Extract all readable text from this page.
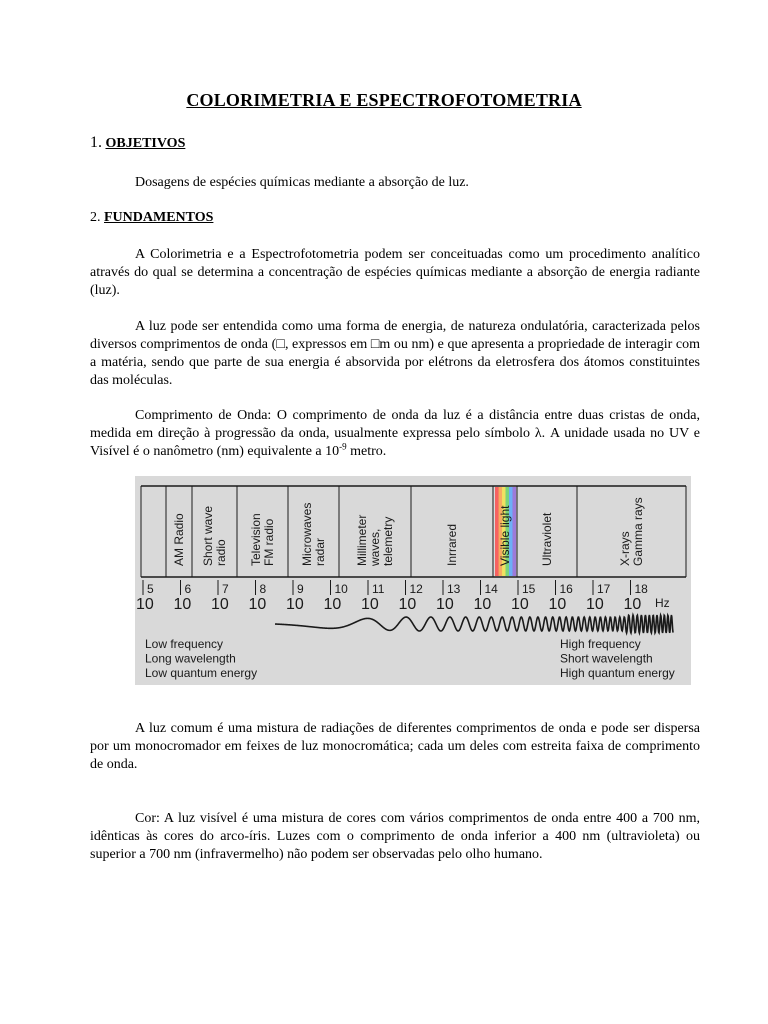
COLORIMETRIA E ESPECTROFOTOMETRIA
1. OBJETIVOS
Dosagens de espécies químicas mediante a absorção de luz.
2. FUNDAMENTOS
A Colorimetria e a Espectrofotometria podem ser conceituadas como um procedimento analítico através do qual se determina a concentração de espécies químicas mediante a absorção de energia radiante (luz).
A luz pode ser entendida como uma forma de energia, de natureza ondulatória, caracterizada pelos diversos comprimentos de onda (□, expressos em □m ou nm) e que apresenta a propriedade de interagir com a matéria, sendo que parte de sua energia é absorvida por elétrons da eletrosfera dos átomos constituintes das moléculas.
Comprimento de Onda: O comprimento de onda da luz é a distância entre duas cristas de onda, medida em direção à progressão da onda, usualmente expressa pelo símbolo λ. A unidade usada no UV e Visível é o nanômetro (nm) equivalente a $10^{-9}$ metro.
AM Radio Short wave radio Television FM radio Microwaves radar Millimeter waves, telemetry	Inrrared	Visible light Ultraviolet	X-rays Gamma rays
5
10
6
10
7
10
8
10
9
10
10
10
11
10
12
10
13
10
14
10
15
10
16
10
17
10
18
10 Hz
Low frequency
Long wavelength
Low quantum energy
High frequency
Short wavelength
High quantum energy
A luz comum é uma mistura de radiações de diferentes comprimentos de onda e pode ser dispersa por um monocromador em feixes de luz monocromática; cada um deles com estreita faixa de comprimento de onda.
Cor: A luz visível é uma mistura de cores com vários comprimentos de onda entre 400 a 700 nm, idênticas às cores do arco-íris. Luzes com o comprimento de onda inferior a 400 nm (ultravioleta) ou superior a 700 nm (infravermelho) não podem ser observadas pelo olho humano.
